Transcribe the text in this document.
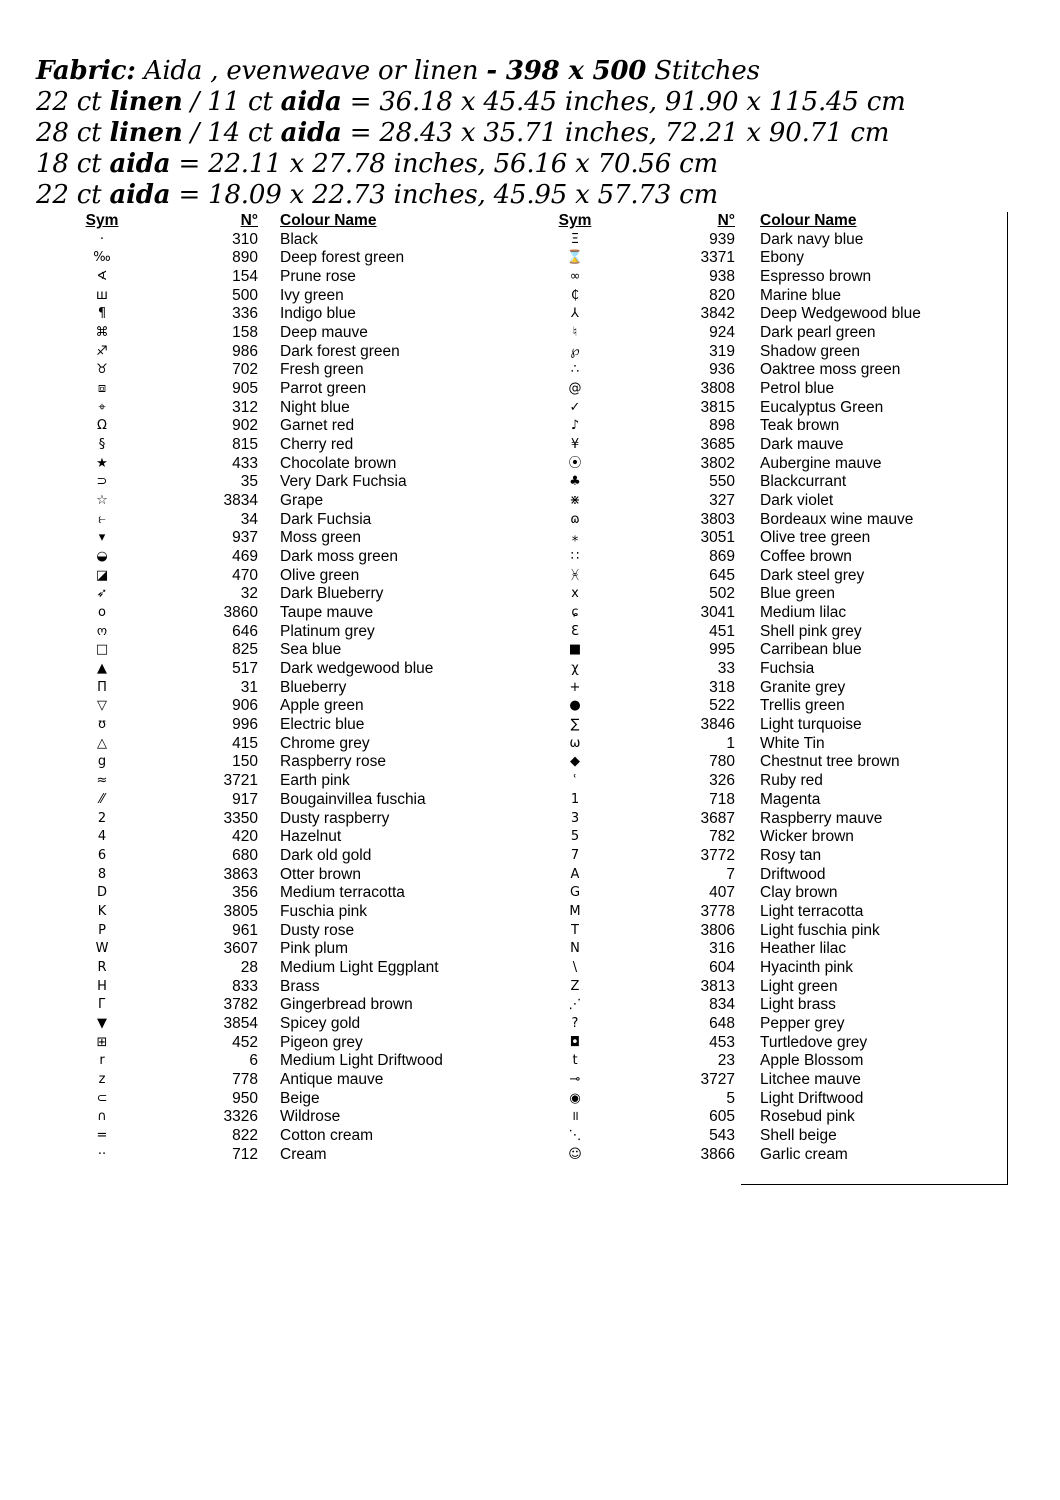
Fabric: Aida , evenweave or linen - 398 x 500 Stitches
22 ct linen / 11 ct aida = 36.18 x 45.45 inches, 91.90 x 115.45 cm
28 ct linen / 14 ct aida = 28.43 x 35.71 inches, 72.21 x 90.71 cm
18 ct aida = 22.11 x 27.78 inches, 56.16 x 70.56 cm
22 ct aida = 18.09 x 22.73 inches, 45.95 x 57.73 cm
Sym	N° Colour Name
·	310 Black
‰	890 Deep forest green
∢	154 Prune rose
ш	500 Ivy green
¶	336 Indigo blue
⌘	158 Deep mauve
♐	986 Dark forest green
♉	702 Fresh green
⧈	905 Parrot green
⌖	312 Night blue
Ω	902 Garnet red
§	815 Cherry red
★	433 Chocolate brown
⊃	35 Very Dark Fuchsia
☆	3834 Grape
⥼	34 Dark Fuchsia
▾	937 Moss green
◒	469 Dark moss green
◪	470 Olive green
➶	32 Dark Blueberry
o	3860 Taupe mauve
ო	646 Platinum grey
□	825 Sea blue
▲	517 Dark wedgewood blue
Π	31 Blueberry
▽	906 Apple green
ʊ	996 Electric blue
△	415 Chrome grey
g	150 Raspberry rose
≈	3721 Earth pink
⁄⁄	917 Bougainvillea fuschia
2	3350 Dusty raspberry
4	420 Hazelnut
6	680 Dark old gold
8	3863 Otter brown
D	356 Medium terracotta
K	3805 Fuschia pink
P	961 Dusty rose
W	3607 Pink plum
R	28 Medium Light Eggplant
H	833 Brass
Г	3782 Gingerbread brown
▼	3854 Spicey gold
⊞	452 Pigeon grey
r	6 Medium Light Driftwood
z	778 Antique mauve
⊂	950 Beige
∩	3326 Wildrose
=	822 Cotton cream
··	712 Cream
Sym	N° Colour Name
Ξ	939 Dark navy blue
⌛	3371 Ebony
∞	938 Espresso brown
₵	820 Marine blue
⅄	3842 Deep Wedgewood blue
♮	924 Dark pearl green
℘	319 Shadow green
∴	936 Oaktree moss green
@	3808 Petrol blue
✓	3815 Eucalyptus Green
♪	898 Teak brown
¥	3685 Dark mauve
⦿	3802 Aubergine mauve
♣	550 Blackcurrant
⋇	327 Dark violet
ɷ	3803 Bordeaux wine mauve
⁎	3051 Olive tree green
∷	869 Coffee brown
ᚸ	645 Dark steel grey
x	502 Blue green
ɕ	3041 Medium lilac
Ɛ	451 Shell pink grey
■	995 Carribean blue
χ	33 Fuchsia
+	318 Granite grey
●	522 Trellis green
∑	3846 Light turquoise
ω	1 White Tin
◆	780 Chestnut tree brown
ʿ	326 Ruby red
1	718 Magenta
3	3687 Raspberry mauve
5	782 Wicker brown
7	3772 Rosy tan
A	7 Driftwood
G	407 Clay brown
M	3778 Light terracotta
T	3806 Light fuschia pink
N	316 Heather lilac
\	604 Hyacinth pink
Z	3813 Light green
⋰	834 Light brass
?	648 Pepper grey
◘	453 Turtledove grey
t	23 Apple Blossom
⊸	3727 Litchee mauve
◉	5 Light Driftwood
॥	605 Rosebud pink
⋱	543 Shell beige
☺	3866 Garlic cream
